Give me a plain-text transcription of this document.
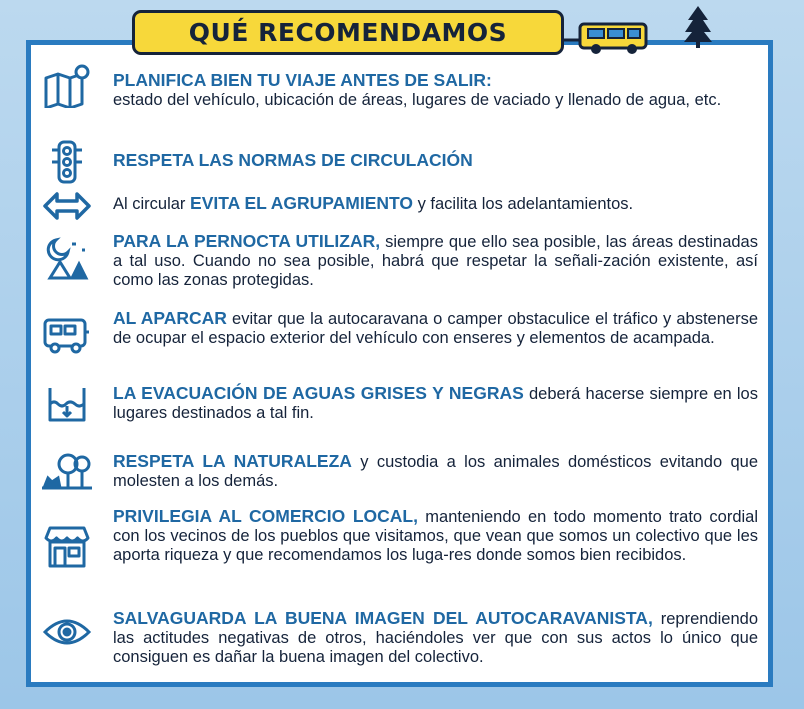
QUÉ RECOMENDAMOS
PLANIFICA BIEN TU VIAJE ANTES DE SALIR:
estado del vehículo, ubicación de áreas, lugares de vaciado y llenado de agua, etc.
RESPETA LAS NORMAS DE CIRCULACIÓN
Al circular EVITA EL AGRUPAMIENTO y facilita los adelantamientos.
PARA LA PERNOCTA UTILIZAR, siempre que ello sea posible, las áreas destinadas a tal uso. Cuando no sea posible, habrá que respetar la señali-zación existente, así como las zonas protegidas.
AL APARCAR evitar que la autocaravana o camper obstaculice el tráfico y abstenerse de ocupar el espacio exterior del vehículo con enseres y elementos de acampada.
LA EVACUACIÓN DE AGUAS GRISES Y NEGRAS deberá hacerse siempre en los lugares destinados a tal fin.
RESPETA LA NATURALEZA y custodia a los animales domésticos evitando que molesten a los demás.
PRIVILEGIA AL COMERCIO LOCAL, manteniendo en todo momento trato cordial con los vecinos de los pueblos que visitamos, que vean que somos un colectivo que les aporta riqueza y que recomendamos los luga-res donde somos bien recibidos.
SALVAGUARDA LA BUENA IMAGEN DEL AUTOCARAVANISTA, reprendiendo las actitudes negativas de otros, haciéndoles ver que con sus actos lo único que consiguen es dañar la buena imagen del colectivo.
